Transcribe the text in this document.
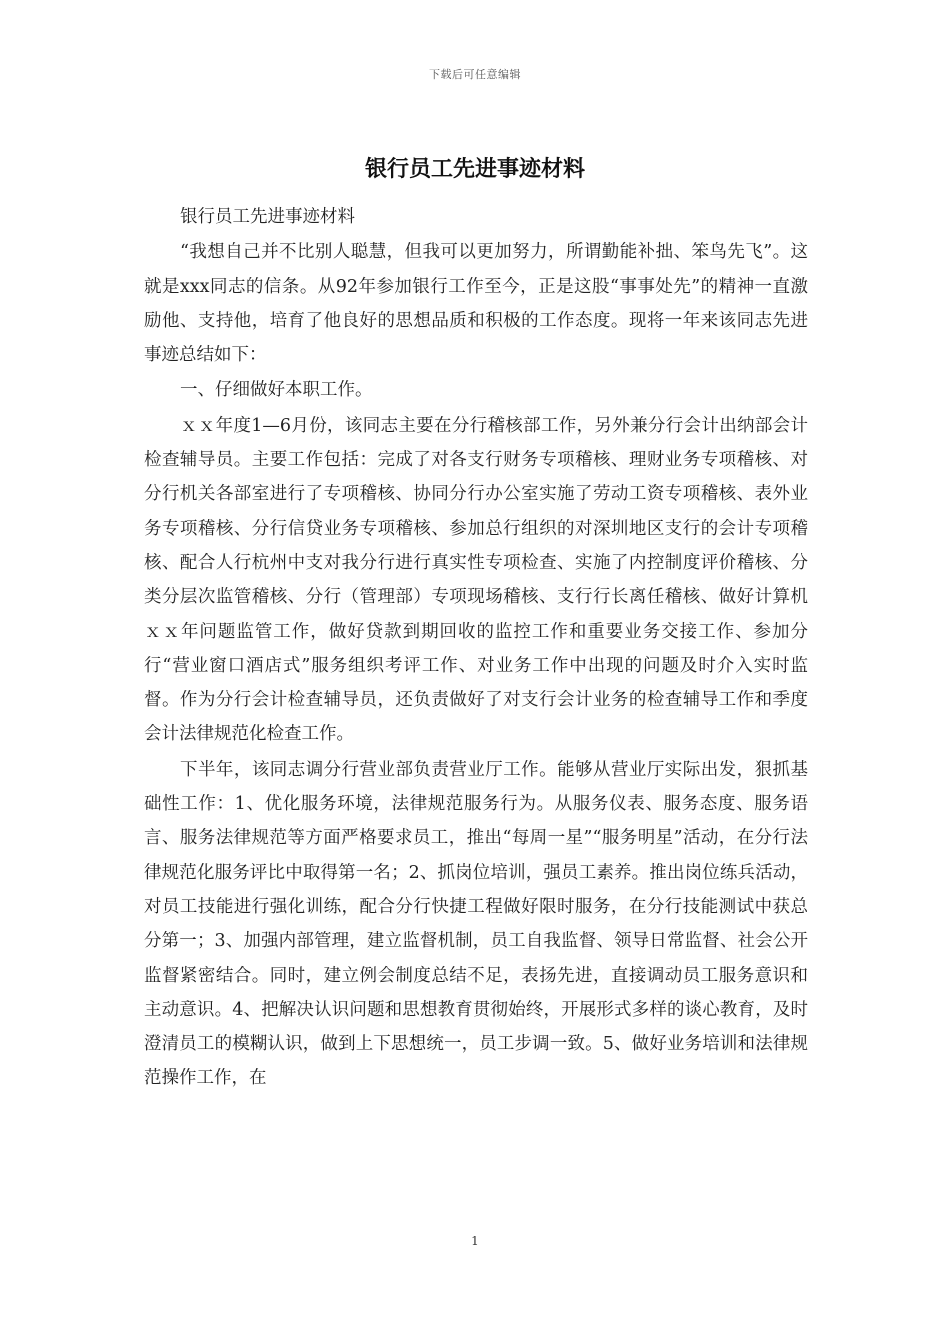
下载后可任意编辑
银行员工先进事迹材料

银行员工先进事迹材料

“我想自己并不比别人聪慧，但我可以更加努力，所谓勤能补拙、笨鸟先飞”。这就是xxx同志的信条。从92年参加银行工作至今，正是这股“事事处先”的精神一直激励他、支持他，培育了他良好的思想品质和积极的工作态度。现将一年来该同志先进事迹总结如下：

一、仔细做好本职工作。

ｘｘ年度1—6月份，该同志主要在分行稽核部工作，另外兼分行会计出纳部会计检查辅导员。主要工作包括：完成了对各支行财务专项稽核、理财业务专项稽核、对分行机关各部室进行了专项稽核、协同分行办公室实施了劳动工资专项稽核、表外业务专项稽核、分行信贷业务专项稽核、参加总行组织的对深圳地区支行的会计专项稽核、配合人行杭州中支对我分行进行真实性专项检查、实施了内控制度评价稽核、分类分层次监管稽核、分行（管理部）专项现场稽核、支行行长离任稽核、做好计算机ｘｘ年问题监管工作，做好贷款到期回收的监控工作和重要业务交接工作、参加分行“营业窗口酒店式”服务组织考评工作、对业务工作中出现的问题及时介入实时监督。作为分行会计检查辅导员，还负责做好了对支行会计业务的检查辅导工作和季度会计法律规范化检查工作。

下半年，该同志调分行营业部负责营业厅工作。能够从营业厅实际出发，狠抓基础性工作：1、优化服务环境，法律规范服务行为。从服务仪表、服务态度、服务语言、服务法律规范等方面严格要求员工，推出“每周一星”“服务明星”活动，在分行法律规范化服务评比中取得第一名；2、抓岗位培训，强员工素养。推出岗位练兵活动，对员工技能进行强化训练，配合分行快捷工程做好限时服务，在分行技能测试中获总分第一；3、加强内部管理，建立监督机制，员工自我监督、领导日常监督、社会公开监督紧密结合。同时，建立例会制度总结不足，表扬先进，直接调动员工服务意识和主动意识。4、把解决认识问题和思想教育贯彻始终，开展形式多样的谈心教育，及时澄清员工的模糊认识，做到上下思想统一，员工步调一致。5、做好业务培训和法律规范操作工作，在

1
